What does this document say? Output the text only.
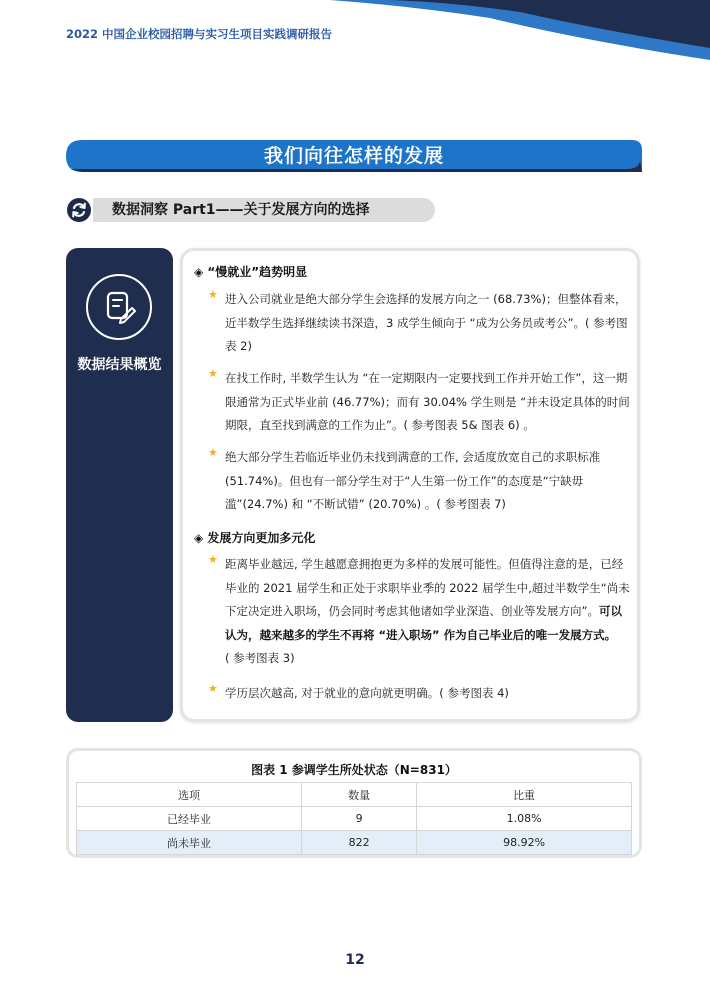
2022 中国企业校园招聘与实习生项目实践调研报告
我们向往怎样的发展
数据洞察 Part1——关于发展方向的选择
数据结果概览
◈ “慢就业”趋势明显
★ 进入公司就业是绝大部分学生会选择的发展方向之一 (68.73%)；但整体看来，近半数学生选择继续读书深造，3 成学生倾向于 “成为公务员或考公”。( 参考图表 2)
★ 在找工作时, 半数学生认为 “在一定期限内一定要找到工作并开始工作”，这一期限通常为正式毕业前 (46.77%)；而有 30.04% 学生则是 “并未设定具体的时间期限，直至找到满意的工作为止”。( 参考图表 5& 图表 6) 。
★ 绝大部分学生若临近毕业仍未找到满意的工作, 会适度放宽自己的求职标准 (51.74%)。但也有一部分学生对于“人生第一份工作”的态度是“宁缺毋滥”(24.7%) 和 “不断试错” (20.70%) 。( 参考图表 7)
◈ 发展方向更加多元化
★ 距离毕业越远, 学生越愿意拥抱更为多样的发展可能性。但值得注意的是，已经毕业的 2021 届学生和正处于求职毕业季的 2022 届学生中,超过半数学生“尚未下定决定进入职场，仍会同时考虑其他诸如学业深造、创业等发展方向”。可以认为，越来越多的学生不再将 “进入职场” 作为自己毕业后的唯一发展方式。
( 参考图表 3)
★ 学历层次越高, 对于就业的意向就更明确。( 参考图表 4)
图表 1 参调学生所处状态（N=831）
选项	数量	比重
已经毕业	9	1.08%
尚未毕业	822	98.92%
12
